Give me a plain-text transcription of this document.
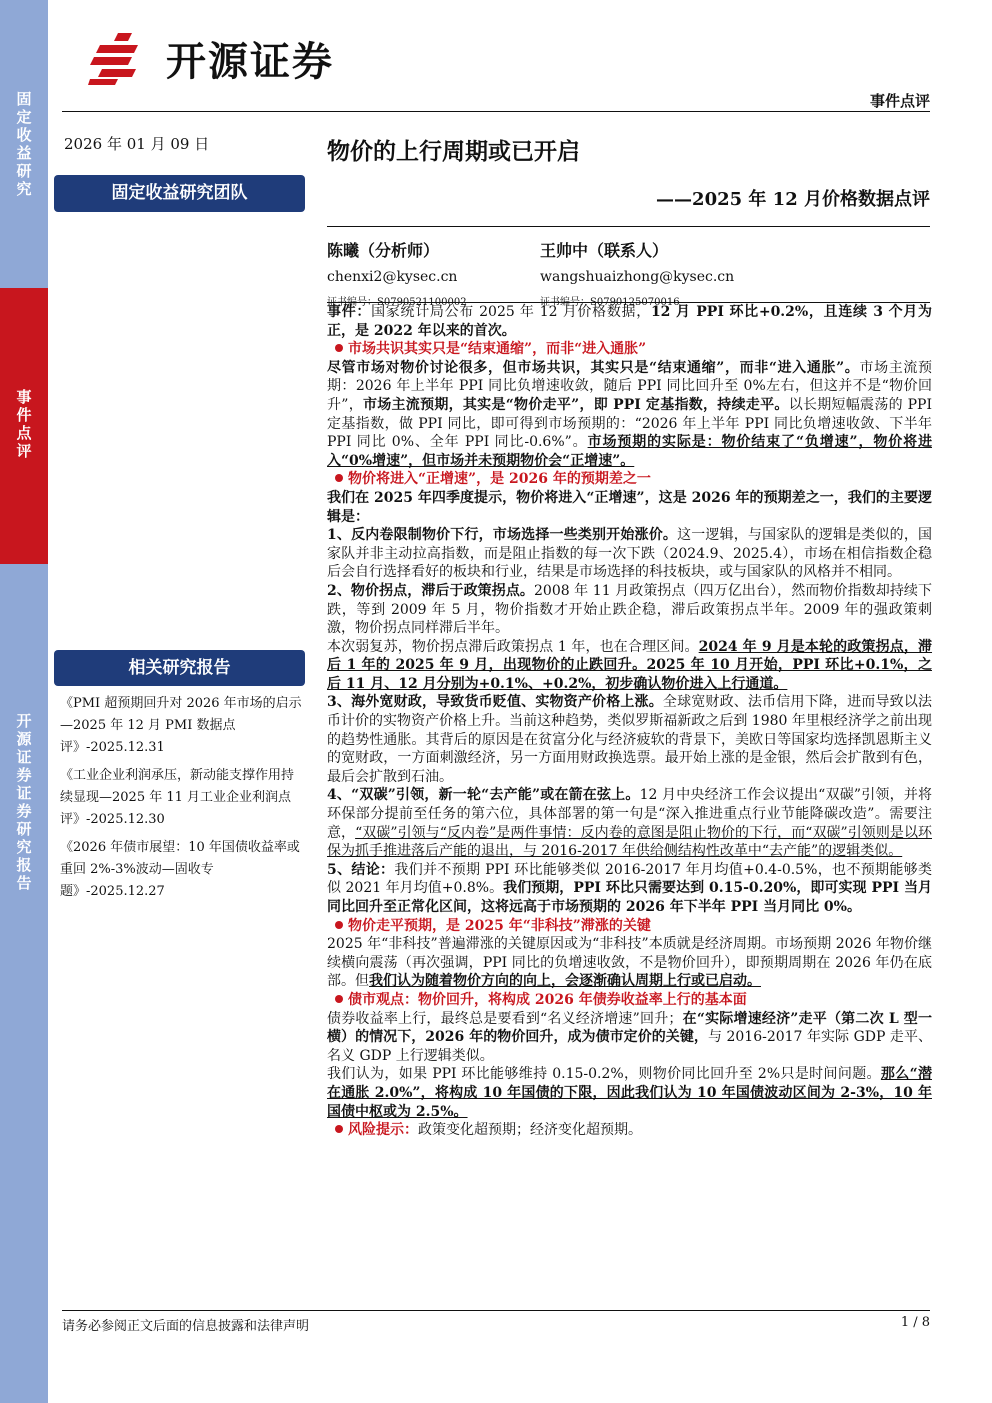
固定收益研究
事件点评
开源证券 证券研究报告
开源证券
事件点评
2026 年 01 月 09 日
固定收益研究团队
相关研究报告
《PMI 超预期回升对 2026 年市场的启示—2025 年 12 月 PMI 数据点评》-2025.12.31
《工业企业利润承压，新动能支撑作用持续显现—2025 年 11 月工业企业利润点评》-2025.12.30
《2026 年债市展望：10 年国债收益率或重回 2%-3%波动—固收专题》-2025.12.27
物价的上行周期或已开启
——2025 年 12 月价格数据点评
陈曦（分析师）
chenxi2@kysec.cn
证书编号：S0790521100002
王帅中（联系人）
wangshuaizhong@kysec.cn
证书编号：S0790125070016

事件：国家统计局公布 2025 年 12 月价格数据，12 月 PPI 环比+0.2%，且连续 3 个月为正，是 2022 年以来的首次。

市场共识其实只是“结束通缩”，而非“进入通胀”

尽管市场对物价讨论很多，但市场共识，其实只是“结束通缩”，而非“进入通胀”。市场主流预期：2026 年上半年 PPI 同比负增速收敛，随后 PPI 同比回升至 0%左右，但这并不是“物价回升”，市场主流预期，其实是“物价走平”，即 PPI 定基指数，持续走平。以长期短幅震荡的 PPI 定基指数，做 PPI 同比，即可得到市场预期的：“2026 年上半年 PPI 同比负增速收敛、下半年 PPI 同比 0%、全年 PPI 同比-0.6%”。市场预期的实际是：物价结束了“负增速”，物价将进入“0%增速”，但市场并未预期物价会“正增速”。

物价将进入“正增速”，是 2026 年的预期差之一

我们在 2025 年四季度提示，物价将进入“正增速”，这是 2026 年的预期差之一，我们的主要逻辑是：

1、反内卷限制物价下行，市场选择一些类别开始涨价。这一逻辑，与国家队的逻辑是类似的，国家队并非主动拉高指数，而是阻止指数的每一次下跌（2024.9、2025.4），市场在相信指数企稳后会自行选择看好的板块和行业，结果是市场选择的科技板块，或与国家队的风格并不相同。

2、物价拐点，滞后于政策拐点。2008 年 11 月政策拐点（四万亿出台），然而物价指数却持续下跌，等到 2009 年 5 月，物价指数才开始止跌企稳，滞后政策拐点半年。2009 年的强政策刺激，物价拐点同样滞后半年。

本次弱复苏，物价拐点滞后政策拐点 1 年，也在合理区间。2024 年 9 月是本轮的政策拐点，滞后 1 年的 2025 年 9 月，出现物价的止跌回升。2025 年 10 月开始，PPI 环比+0.1%，之后 11 月、12 月分别为+0.1%、+0.2%，初步确认物价进入上行通道。

3、海外宽财政，导致货币贬值、实物资产价格上涨。全球宽财政、法币信用下降，进而导致以法币计价的实物资产价格上升。当前这种趋势，类似罗斯福新政之后到 1980 年里根经济学之前出现的趋势性通胀。其背后的原因是在贫富分化与经济疲软的背景下，美欧日等国家均选择凯恩斯主义的宽财政，一方面刺激经济，另一方面用财政换选票。最开始上涨的是金银，然后会扩散到有色，最后会扩散到石油。

4、“双碳”引领，新一轮“去产能”或在箭在弦上。12 月中央经济工作会议提出“双碳”引领，并将环保部分提前至任务的第六位，具体部署的第一句是“深入推进重点行业节能降碳改造”。需要注意，“双碳”引领与“反内卷”是两件事情：反内卷的意图是阻止物价的下行，而“双碳”引领则是以环保为抓手推进落后产能的退出，与 2016-2017 年供给侧结构性改革中“去产能”的逻辑类似。

5、结论：我们并不预期 PPI 环比能够类似 2016-2017 年月均值+0.4-0.5%，也不预期能够类似 2021 年月均值+0.8%。我们预期，PPI 环比只需要达到 0.15-0.20%，即可实现 PPI 当月同比回升至正常化区间，这将远高于市场预期的 2026 年下半年 PPI 当月同比 0%。

物价走平预期，是 2025 年“非科技”滞涨的关键

2025 年“非科技”普遍滞涨的关键原因或为“非科技”本质就是经济周期。市场预期 2026 年物价继续横向震荡（再次强调，PPI 同比的负增速收敛，不是物价回升），即预期周期在 2026 年仍在底部。但我们认为随着物价方向的向上，会逐渐确认周期上行或已启动。

债市观点：物价回升，将构成 2026 年债券收益率上行的基本面

债券收益率上行，最终总是要看到“名义经济增速”回升；在“实际增速经济”走平（第二次 L 型一横）的情况下，2026 年的物价回升，成为债市定价的关键，与 2016-2017 年实际 GDP 走平、名义 GDP 上行逻辑类似。

我们认为，如果 PPI 环比能够维持 0.15-0.2%，则物价同比回升至 2%只是时间问题。那么“潜在通胀 2.0%”，将构成 10 年国债的下限，因此我们认为 10 年国债波动区间为 2-3%，10 年国债中枢或为 2.5%。

风险提示：政策变化超预期；经济变化超预期。

请务必参阅正文后面的信息披露和法律声明	1 / 8
